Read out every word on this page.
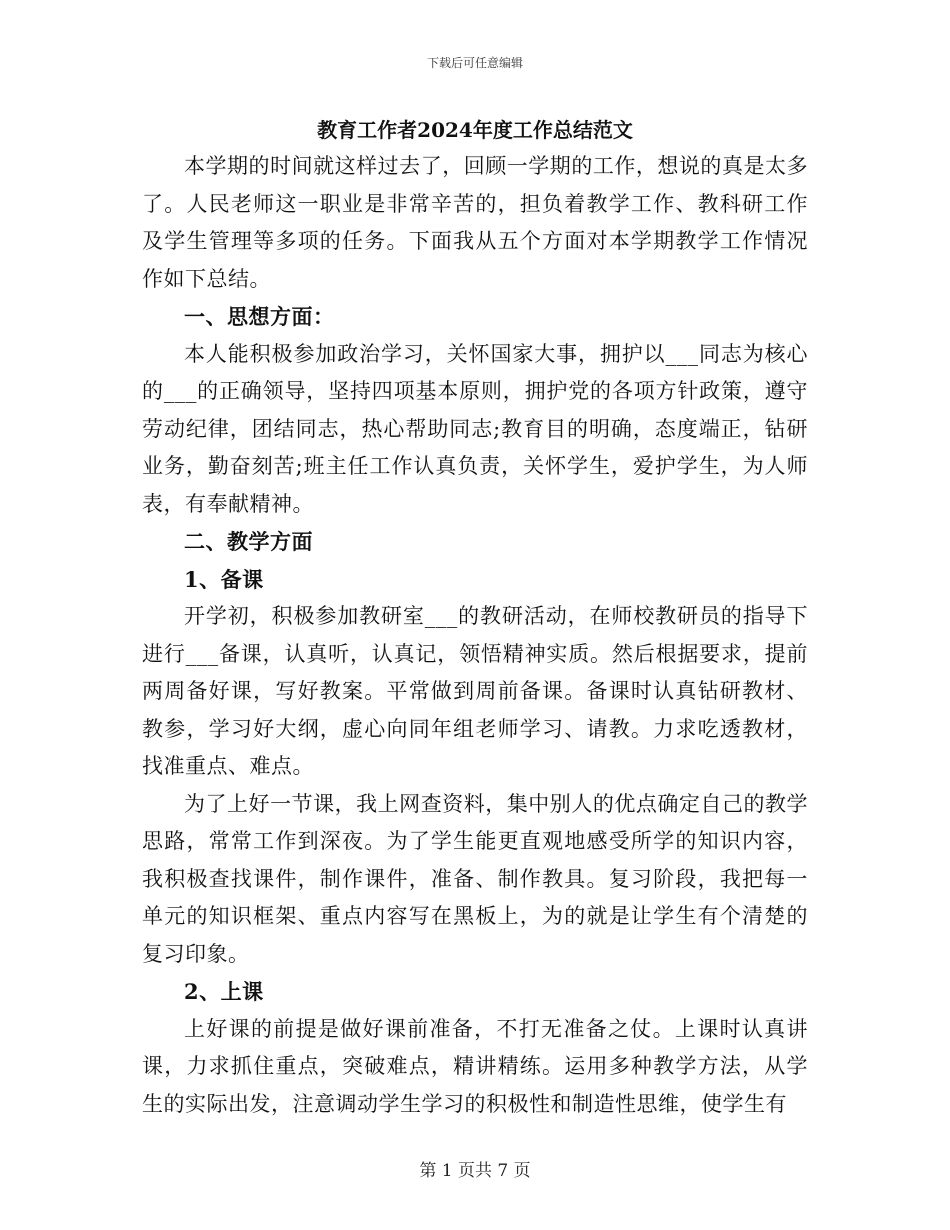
下载后可任意编辑
教育工作者2024年度工作总结范文

本学期的时间就这样过去了，回顾一学期的工作，想说的真是太多了。人民老师这一职业是非常辛苦的，担负着教学工作、教科研工作及学生管理等多项的任务。下面我从五个方面对本学期教学工作情况作如下总结。

一、思想方面：

本人能积极参加政治学习，关怀国家大事，拥护以___同志为核心的___的正确领导，坚持四项基本原则，拥护党的各项方针政策，遵守劳动纪律，团结同志，热心帮助同志;教育目的明确，态度端正，钻研业务，勤奋刻苦;班主任工作认真负责，关怀学生，爱护学生，为人师表，有奉献精神。

二、教学方面

1、备课

开学初，积极参加教研室___的教研活动，在师校教研员的指导下进行___备课，认真听，认真记，领悟精神实质。然后根据要求，提前两周备好课，写好教案。平常做到周前备课。备课时认真钻研教材、教参，学习好大纲，虚心向同年组老师学习、请教。力求吃透教材，找准重点、难点。

为了上好一节课，我上网查资料，集中别人的优点确定自己的教学思路，常常工作到深夜。为了学生能更直观地感受所学的知识内容，我积极查找课件，制作课件，准备、制作教具。复习阶段，我把每一单元的知识框架、重点内容写在黑板上，为的就是让学生有个清楚的复习印象。

2、上课

上好课的前提是做好课前准备，不打无准备之仗。上课时认真讲课，力求抓住重点，突破难点，精讲精练。运用多种教学方法，从学生的实际出发，注意调动学生学习的积极性和制造性思维，使学生有

第 1 页共 7 页
